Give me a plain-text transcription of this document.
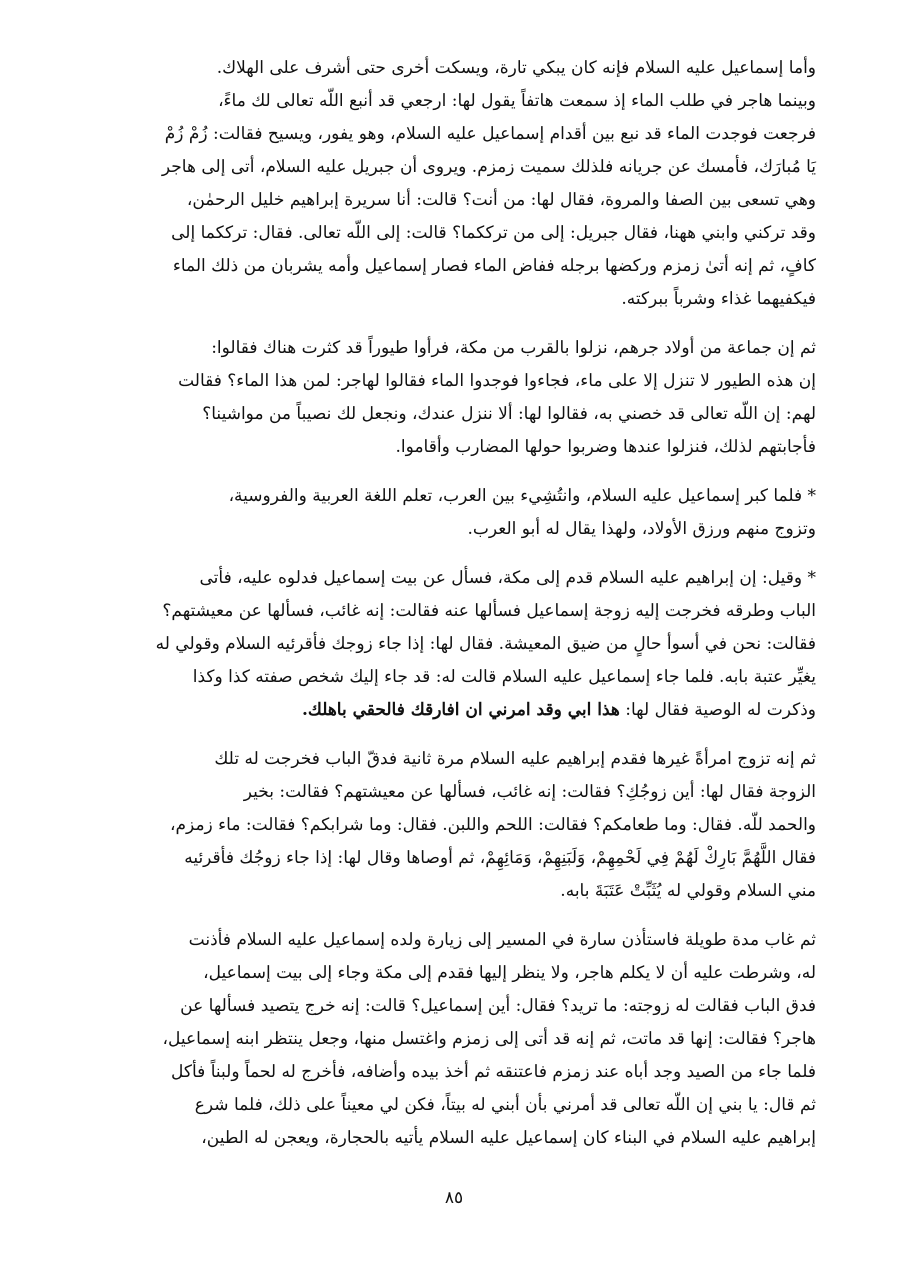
وأما إسماعيل عليه السلام فإنه كان يبكي تارة، ويسكت أخرى حتى أشرف على الهلاك.
وبينما هاجر في طلب الماء إذ سمعت هاتفاً يقول لها: ارجعي قد أنبع اللّه تعالى لك ماءً،
فرجعت فوجدت الماء قد نبع بين أقدام إسماعيل عليه السلام، وهو يفور، ويسيح فقالت: زُمْ زُمْ
يَا مُبارَك، فأمسك عن جريانه فلذلك سميت زمزم. ويروى أن جبريل عليه السلام، أتى إلى هاجر
وهي تسعى بين الصفا والمروة، فقال لها: من أنت؟ قالت: أنا سريرة إبراهيم خليل الرحمٰن،
وقد تركني وابني ههنا، فقال جبريل: إلى من ترككما؟ قالت: إلى اللّه تعالى. فقال: ترككما إلى
كافٍ، ثم إنه أتىٰ زمزم وركضها برجله ففاض الماء فصار إسماعيل وأمه يشربان من ذلك الماء
فيكفيهما غذاء وشرباً ببركته.

ثم إن جماعة من أولاد جرهم، نزلوا بالقرب من مكة، فرأوا طيوراً قد كثرت هناك فقالوا:
إن هذه الطيور لا تنزل إلا على ماء، فجاءوا فوجدوا الماء فقالوا لهاجر: لمن هذا الماء؟ فقالت
لهم: إن اللّه تعالى قد خصني به، فقالوا لها: ألا ننزل عندك، ونجعل لك نصيباً من مواشينا؟
فأجابتهم لذلك، فنزلوا عندها وضربوا حولها المضارب وأقاموا.

* فلما كبر إسماعيل عليه السلام، وانتُشِيء بين العرب، تعلم اللغة العربية والفروسية،
وتزوج منهم ورزق الأولاد، ولهذا يقال له أبو العرب.

* وقيل: إن إبراهيم عليه السلام قدم إلى مكة، فسأل عن بيت إسماعيل فدلوه عليه، فأتى
الباب وطرقه فخرجت إليه زوجة إسماعيل فسألها عنه فقالت: إنه غائب، فسألها عن معيشتهم؟
فقالت: نحن في أسوأ حالٍ من ضيق المعيشة. فقال لها: إذا جاء زوجك فأقرئيه السلام وقولي له
يغيِّر عتبة بابه. فلما جاء إسماعيل عليه السلام قالت له: قد جاء إليك شخص صفته كذا وكذا
وذكرت له الوصية فقال لها: هذا ابي وقد امرني ان افارقك فالحقي باهلك.

ثم إنه تزوج امرأةً غيرها فقدم إبراهيم عليه السلام مرة ثانية فدقّ الباب فخرجت له تلك
الزوجة فقال لها: أين زوجُكِ؟ فقالت: إنه غائب، فسألها عن معيشتهم؟ فقالت: بخير
والحمد للّه. فقال: وما طعامكم؟ فقالت: اللحم واللبن. فقال: وما شرابكم؟ فقالت: ماء زمزم،
فقال اللَّهُمَّ بَارِكْ لَهُمْ فِي لَحْمِهِمْ، وَلَبَنِهِمْ، وَمَائِهِمْ، ثم أوصاها وقال لها: إذا جاء زوجُك فأقرئيه
مني السلام وقولي له يُثَبِّتْ عَتَبَةَ بابه.

ثم غاب مدة طويلة فاستأذن سارة في المسير إلى زيارة ولده إسماعيل عليه السلام فأذنت
له، وشرطت عليه أن لا يكلم هاجر، ولا ينظر إليها فقدم إلى مكة وجاء إلى بيت إسماعيل،
فدق الباب فقالت له زوجته: ما تريد؟ فقال: أين إسماعيل؟ قالت: إنه خرج يتصيد فسألها عن
هاجر؟ فقالت: إنها قد ماتت، ثم إنه قد أتى إلى زمزم واغتسل منها، وجعل ينتظر ابنه إسماعيل،
فلما جاء من الصيد وجد أباه عند زمزم فاعتنقه ثم أخذ بيده وأضافه، فأخرج له لحماً ولبناً فأكل
ثم قال: يا بني إن اللّه تعالى قد أمرني بأن أبني له بيتاً، فكن لي معيناً على ذلك، فلما شرع
إبراهيم عليه السلام في البناء كان إسماعيل عليه السلام يأتيه بالحجارة، ويعجن له الطين،

٨٥
